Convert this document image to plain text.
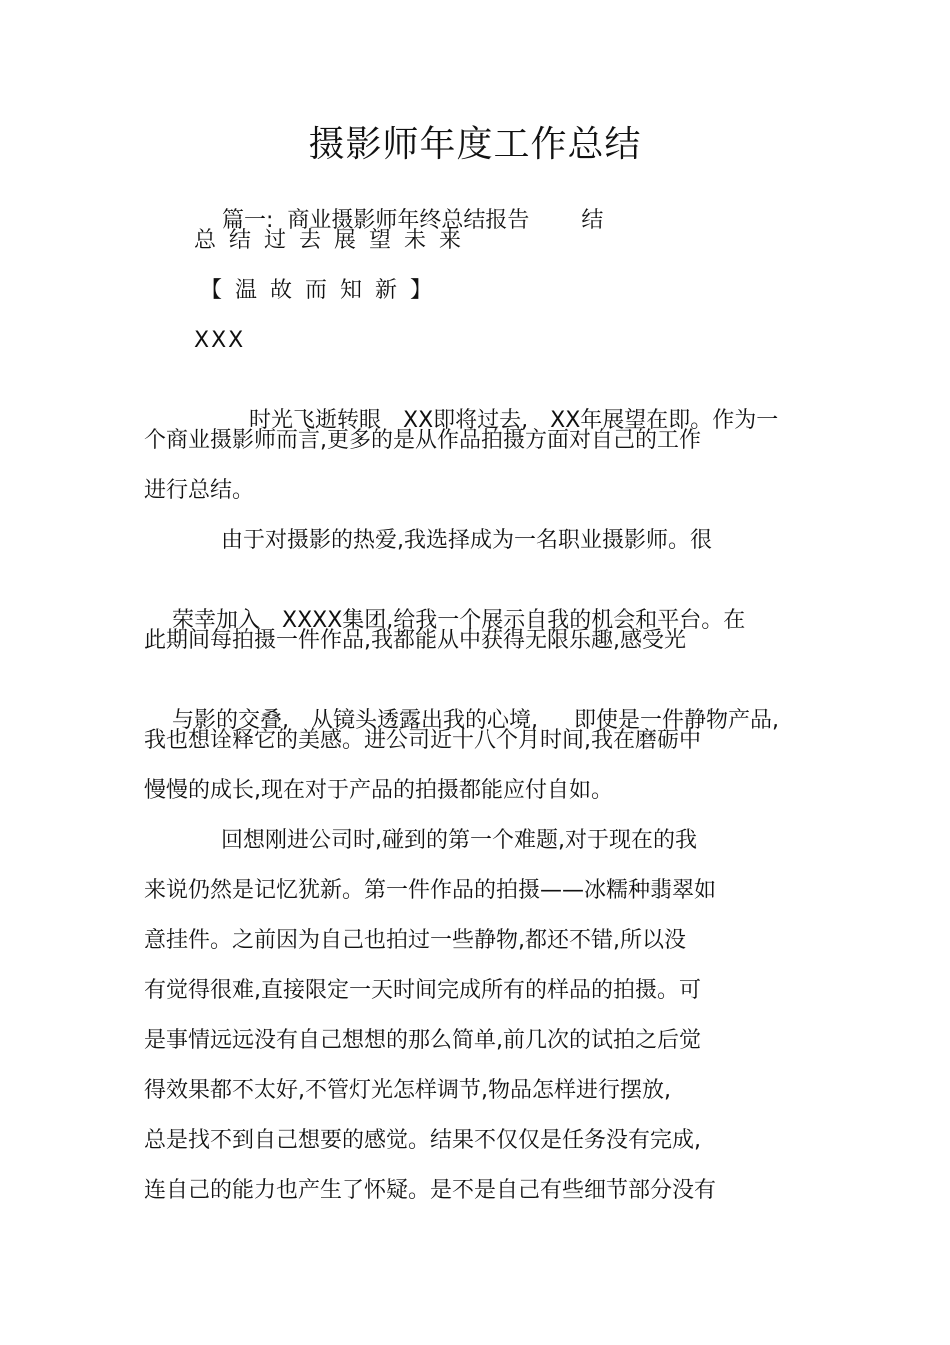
摄影师年度工作总结

篇一:  商业摄影师年终总结报告 结

总结过去展望未来
【温故而知新】
XXX

时光飞逝转眼 XX即将过去, XX年展望在即。作为一

个商业摄影师而言,更多的是从作品拍摄方面对自己的工作
进行总结。
由于对摄影的热爱,我选择成为一名职业摄影师。很

荣幸加入 XXXX集团,给我一个展示自我的机会和平台。在

此期间每拍摄一件作品,我都能从中获得无限乐趣,感受光

与影的交叠, 从镜头透露出我的心境, 即使是一件静物产品,

我也想诠释它的美感。进公司近十八个月时间,我在磨砺中
慢慢的成长,现在对于产品的拍摄都能应付自如。
回想刚进公司时,碰到的第一个难题,对于现在的我
来说仍然是记忆犹新。第一件作品的拍摄——冰糯种翡翠如
意挂件。之前因为自己也拍过一些静物,都还不错,所以没
有觉得很难,直接限定一天时间完成所有的样品的拍摄。可
是事情远远没有自己想想的那么简单,前几次的试拍之后觉
得效果都不太好,不管灯光怎样调节,物品怎样进行摆放,
总是找不到自己想要的感觉。结果不仅仅是任务没有完成,
连自己的能力也产生了怀疑。是不是自己有些细节部分没有
